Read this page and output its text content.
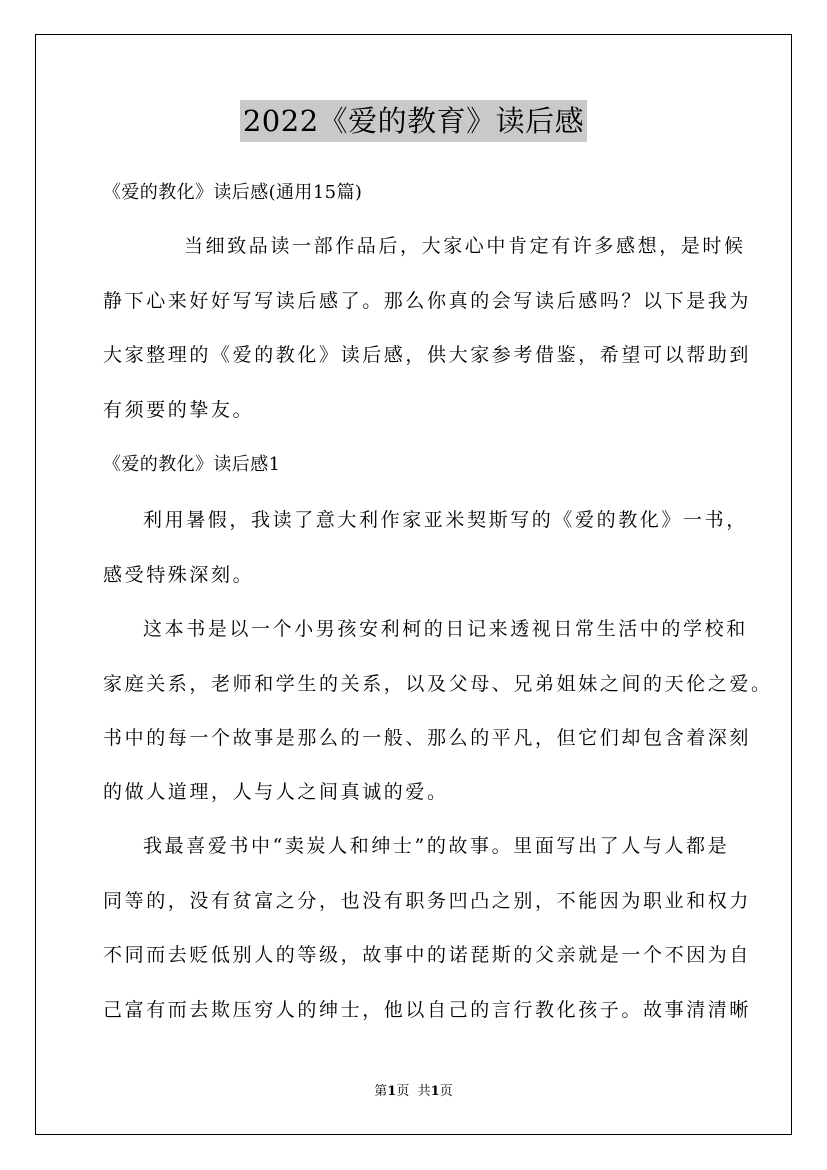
2022《爱的教育》读后感
《爱的教化》读后感(通用15篇)
当细致品读一部作品后，大家心中肯定有许多感想，是时候
静下心来好好写写读后感了。那么你真的会写读后感吗？以下是我为
大家整理的《爱的教化》读后感，供大家参考借鉴，希望可以帮助到
有须要的挚友。
《爱的教化》读后感1
利用暑假，我读了意大利作家亚米契斯写的《爱的教化》一书，
感受特殊深刻。
这本书是以一个小男孩安利柯的日记来透视日常生活中的学校和
家庭关系，老师和学生的关系，以及父母、兄弟姐妹之间的天伦之爱。
书中的每一个故事是那么的一般、那么的平凡，但它们却包含着深刻
的做人道理，人与人之间真诚的爱。
我最喜爱书中“卖炭人和绅士”的故事。里面写出了人与人都是
同等的，没有贫富之分，也没有职务凹凸之别，不能因为职业和权力
不同而去贬低别人的等级，故事中的诺琵斯的父亲就是一个不因为自
己富有而去欺压穷人的绅士，他以自己的言行教化孩子。故事清清晰
第1页 共1页
